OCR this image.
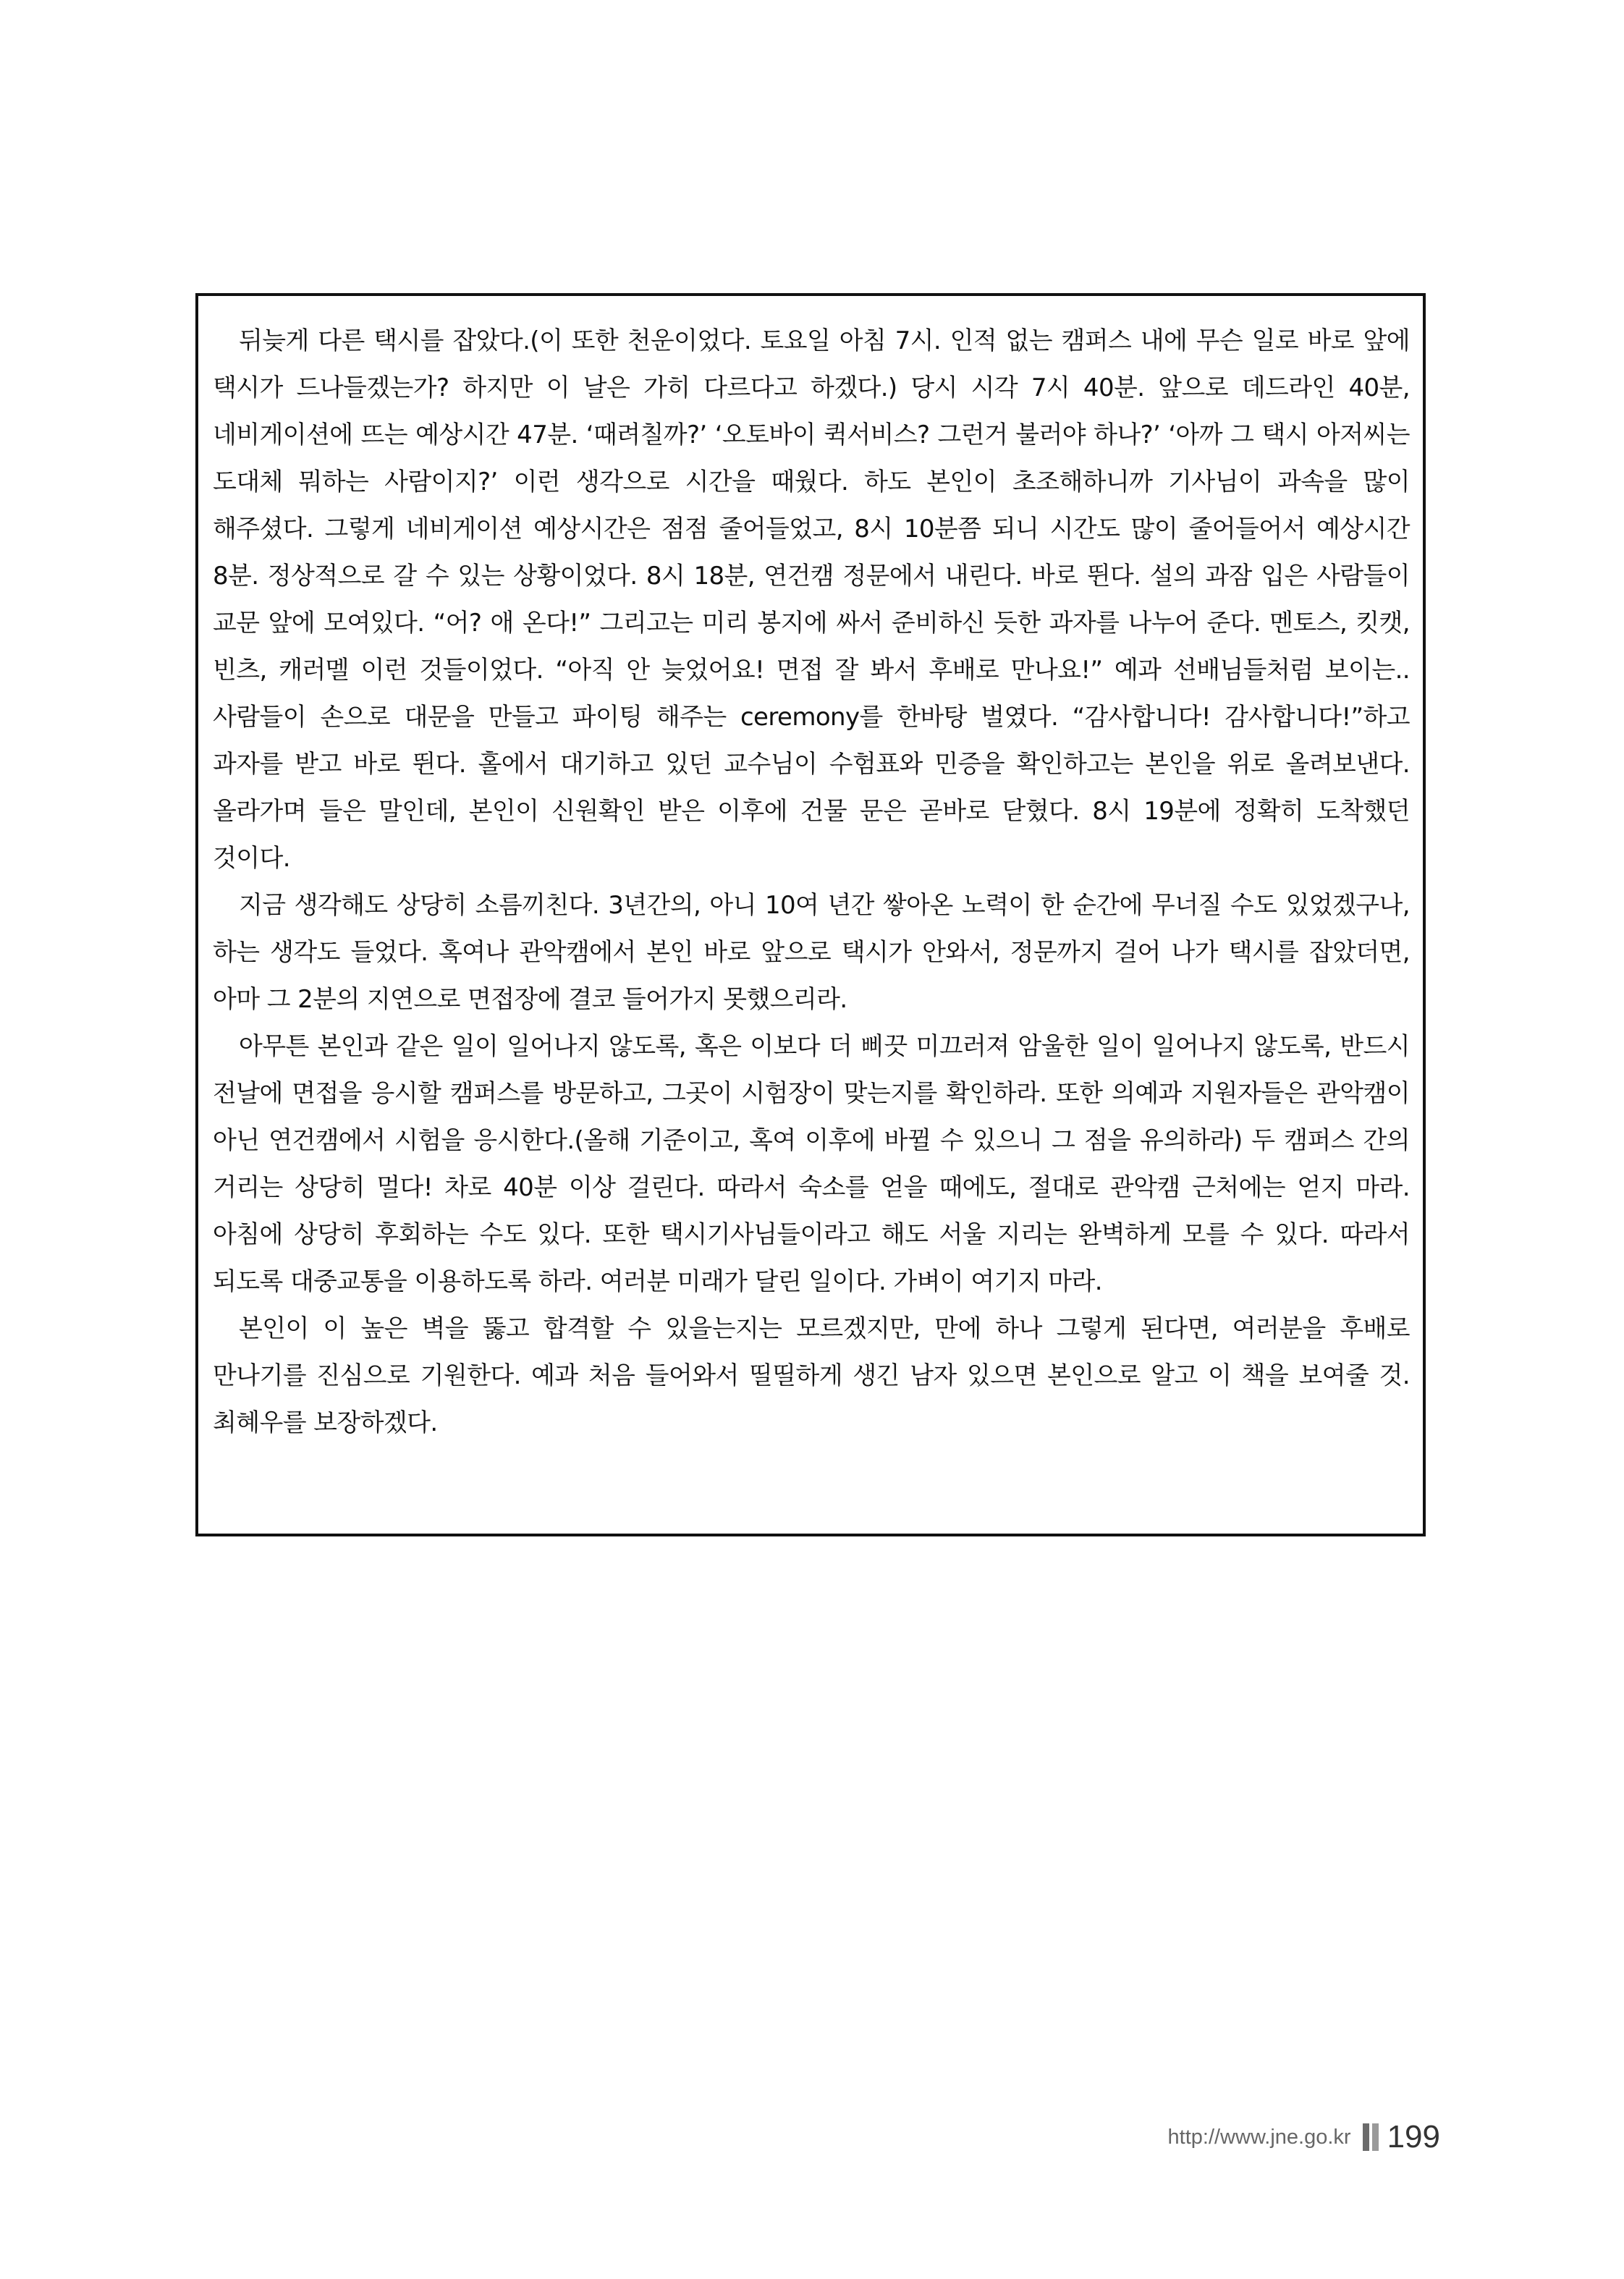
뒤늦게 다른 택시를 잡았다.(이 또한 천운이었다. 토요일 아침 7시. 인적 없는 캠퍼스 내에 무슨 일로 바로 앞에 택시가 드나들겠는가? 하지만 이 날은 가히 다르다고 하겠다.) 당시 시각 7시 40분. 앞으로 데드라인 40분, 네비게이션에 뜨는 예상시간 47분. ‘때려칠까?’ ‘오토바이 퀵서비스? 그런거 불러야 하나?’ ‘아까 그 택시 아저씨는 도대체 뭐하는 사람이지?’ 이런 생각으로 시간을 때웠다. 하도 본인이 초조해하니까 기사님이 과속을 많이 해주셨다. 그렇게 네비게이션 예상시간은 점점 줄어들었고, 8시 10분쯤 되니 시간도 많이 줄어들어서 예상시간 8분. 정상적으로 갈 수 있는 상황이었다. 8시 18분, 연건캠 정문에서 내린다. 바로 뛴다. 설의 과잠 입은 사람들이 교문 앞에 모여있다. “어? 애 온다!” 그리고는 미리 봉지에 싸서 준비하신 듯한 과자를 나누어 준다. 멘토스, 킷캣, 빈츠, 캐러멜 이런 것들이었다. “아직 안 늦었어요! 면접 잘 봐서 후배로 만나요!” 예과 선배님들처럼 보이는.. 사람들이 손으로 대문을 만들고 파이팅 해주는 ceremony를 한바탕 벌였다. “감사합니다! 감사합니다!”하고 과자를 받고 바로 뛴다. 홀에서 대기하고 있던 교수님이 수험표와 민증을 확인하고는 본인을 위로 올려보낸다. 올라가며 들은 말인데, 본인이 신원확인 받은 이후에 건물 문은 곧바로 닫혔다. 8시 19분에 정확히 도착했던 것이다.

지금 생각해도 상당히 소름끼친다. 3년간의, 아니 10여 년간 쌓아온 노력이 한 순간에 무너질 수도 있었겠구나, 하는 생각도 들었다. 혹여나 관악캠에서 본인 바로 앞으로 택시가 안와서, 정문까지 걸어 나가 택시를 잡았더면, 아마 그 2분의 지연으로 면접장에 결코 들어가지 못했으리라.

아무튼 본인과 같은 일이 일어나지 않도록, 혹은 이보다 더 삐끗 미끄러져 암울한 일이 일어나지 않도록, 반드시 전날에 면접을 응시할 캠퍼스를 방문하고, 그곳이 시험장이 맞는지를 확인하라. 또한 의예과 지원자들은 관악캠이 아닌 연건캠에서 시험을 응시한다.(올해 기준이고, 혹여 이후에 바뀔 수 있으니 그 점을 유의하라) 두 캠퍼스 간의 거리는 상당히 멀다! 차로 40분 이상 걸린다. 따라서 숙소를 얻을 때에도, 절대로 관악캠 근처에는 얻지 마라. 아침에 상당히 후회하는 수도 있다. 또한 택시기사님들이라고 해도 서울 지리는 완벽하게 모를 수 있다. 따라서 되도록 대중교통을 이용하도록 하라. 여러분 미래가 달린 일이다. 가벼이 여기지 마라.

본인이 이 높은 벽을 뚫고 합격할 수 있을는지는 모르겠지만, 만에 하나 그렇게 된다면, 여러분을 후배로 만나기를 진심으로 기원한다. 예과 처음 들어와서 띨띨하게 생긴 남자 있으면 본인으로 알고 이 책을 보여줄 것. 최혜우를 보장하겠다.

http://www.jne.go.kr 199
